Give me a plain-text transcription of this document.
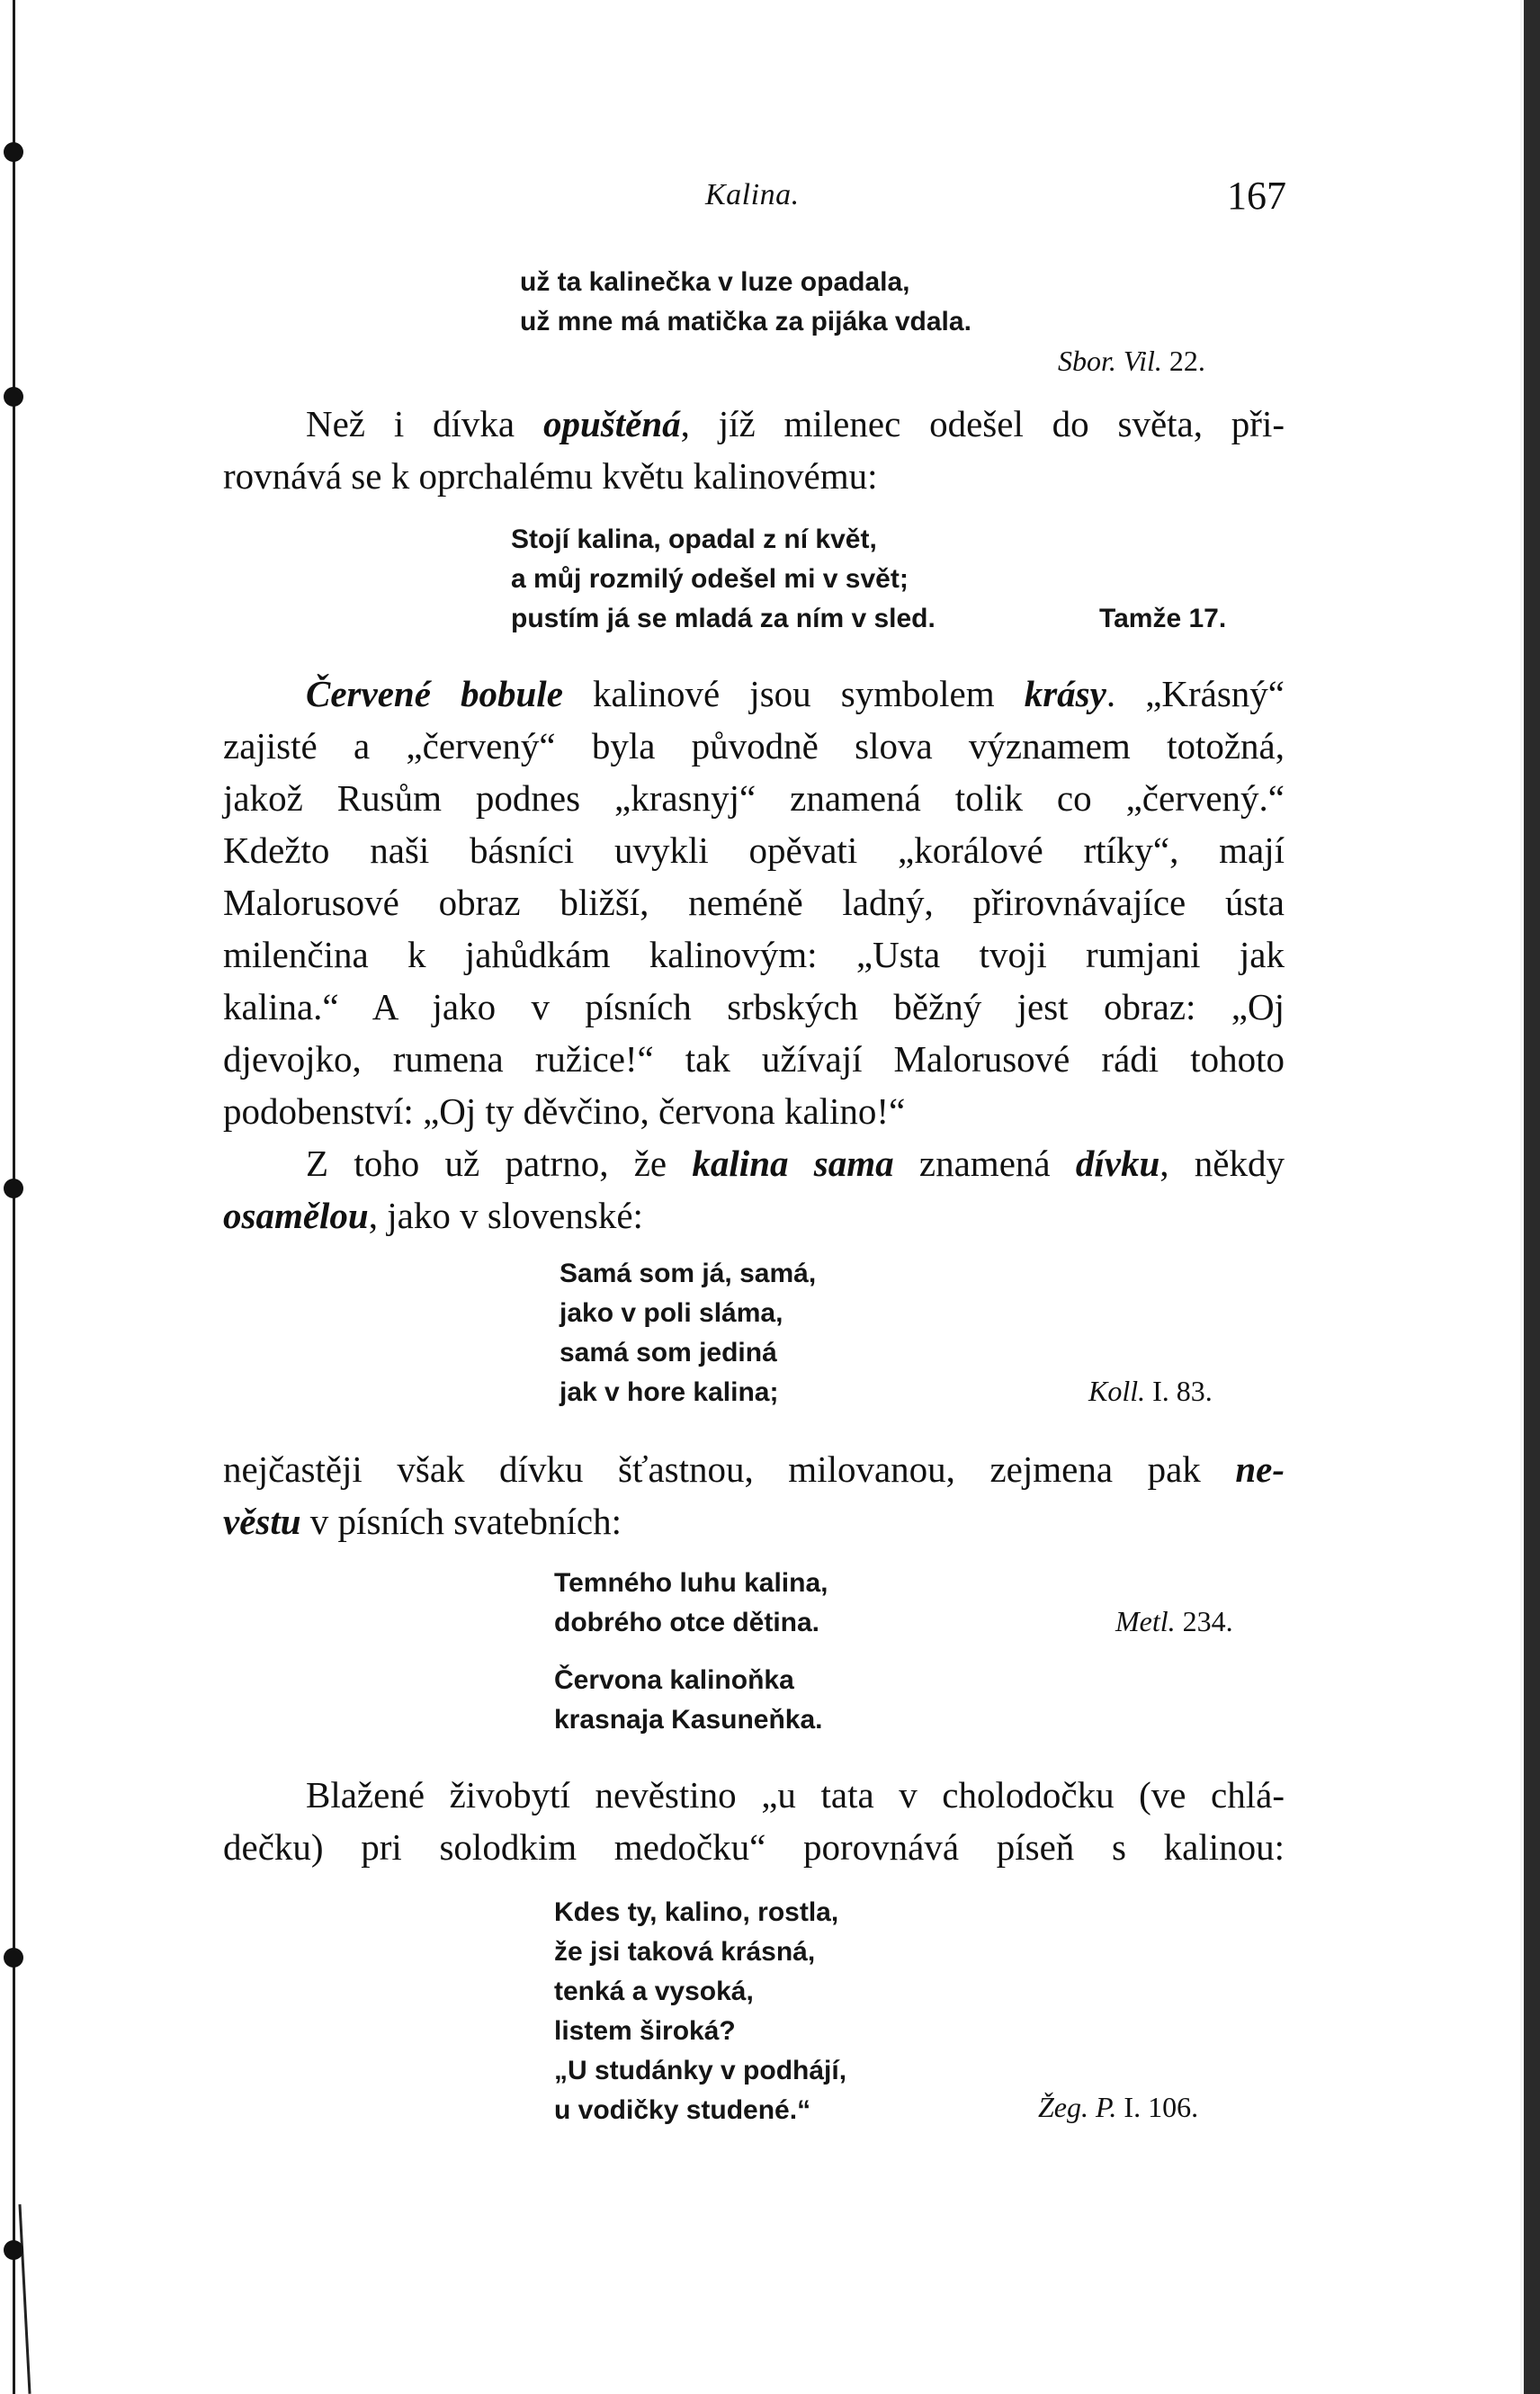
Kalina.	167
už ta kalinečka v luze opadala,
už mne má matička za pijáka vdala.
Sbor. Vil. 22.
Než i dívka opuštěná, jíž milenec odešel do světa, při-
rovnává se k oprchalému květu kalinovému:
Stojí kalina, opadal z ní květ,
a můj rozmilý odešel mi v svět;
pustím já se mladá za ním v sled.	Tamže 17.
Červené bobule kalinové jsou symbolem krásy. „Krásný“
zajisté a „červený“ byla původně slova významem totožná,
jakož Rusům podnes „krasnyj“ znamená tolik co „červený.“
Kdežto naši básníci uvykli opěvati „korálové rtíky“, mají
Malorusové obraz bližší, neméně ladný, přirovnávajíce ústa
milenčina k jahůdkám kalinovým: „Usta tvoji rumjani jak
kalina.“ A jako v písních srbských běžný jest obraz: „Oj
djevojko, rumena ružice!“ tak užívají Malorusové rádi tohoto
podobenství: „Oj ty děvčino, červona kalino!“
Z toho už patrno, že kalina sama znamená dívku, někdy
osamělou, jako v slovenské:
Samá som já, samá,
jako v poli sláma,
samá som jediná
jak v hore kalina;	Koll. I. 83.
nejčastěji však dívku šťastnou, milovanou, zejmena pak ne-
věstu v písních svatebních:
Temného luhu kalina,
dobrého otce dětina.	Metl. 234.
Červona kalinoňka
krasnaja Kasuneňka.
Blažené živobytí nevěstino „u tata v cholodočku (ve chlá-
dečku) pri solodkim medočku“ porovnává píseň s kalinou:
Kdes ty, kalino, rostla,
že jsi taková krásná,
tenká a vysoká,
listem široká?
„U studánky v podhájí,
u vodičky studené.“	Žeg. P. I. 106.
